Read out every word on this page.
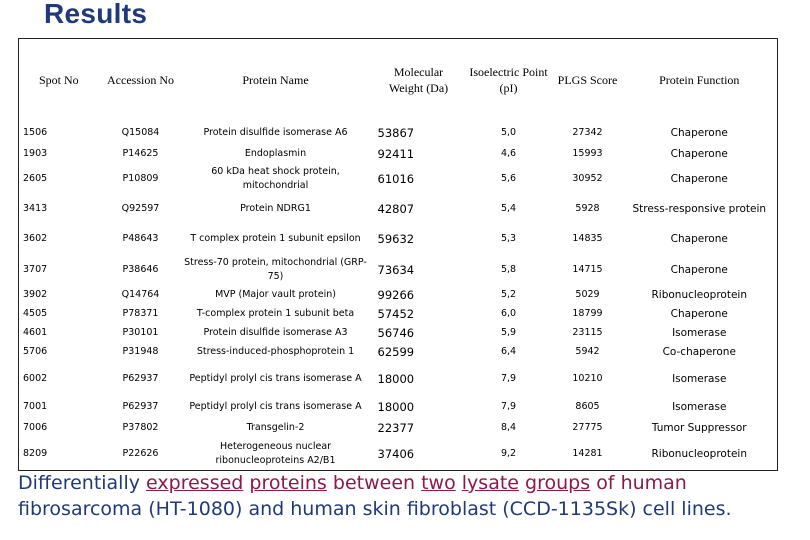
Results
Spot No	Accession No	Protein Name	Molecular Weight (Da)	Isoelectric Point (pI)	PLGS Score	Protein Function
1506	Q15084	Protein disulfide isomerase A6	53867	5,0	27342	Chaperone
1903	P14625	Endoplasmin	92411	4,6	15993	Chaperone
2605	P10809	60 kDa heat shock protein, mitochondrial	61016	5,6	30952	Chaperone
3413	Q92597	Protein NDRG1	42807	5,4	5928	Stress-responsive protein
3602	P48643	T complex protein 1 subunit epsilon	59632	5,3	14835	Chaperone
3707	P38646	Stress-70 protein, mitochondrial (GRP-75)	73634	5,8	14715	Chaperone
3902	Q14764	MVP (Major vault protein)	99266	5,2	5029	Ribonucleoprotein
4505	P78371	T-complex protein 1 subunit beta	57452	6,0	18799	Chaperone
4601	P30101	Protein disulfide isomerase A3	56746	5,9	23115	Isomerase
5706	P31948	Stress-induced-phosphoprotein 1	62599	6,4	5942	Co-chaperone
6002	P62937	Peptidyl prolyl cis trans isomerase A	18000	7,9	10210	Isomerase
7001	P62937	Peptidyl prolyl cis trans isomerase A	18000	7,9	8605	Isomerase
7006	P37802	Transgelin-2	22377	8,4	27775	Tumor Suppressor
8209	P22626	Heterogeneous nuclear ribonucleoproteins A2/B1	37406	9,2	14281	Ribonucleoprotein
Differentially expressed proteins between two lysate groups of human
fibrosarcoma (HT-1080) and human skin fibroblast (CCD-1135Sk) cell lines.
